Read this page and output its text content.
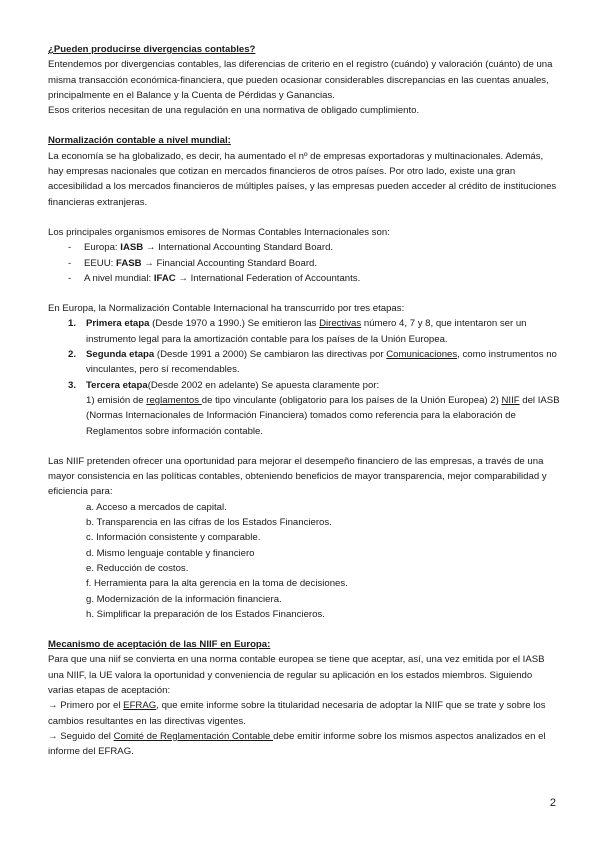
¿Pueden producirse divergencias contables?

Entendemos por divergencias contables, las diferencias de criterio en el registro (cuándo) y valoración (cuánto) de una misma transacción económica-financiera, que pueden ocasionar considerables discrepancias en las cuentas anuales, principalmente en el Balance y la Cuenta de Pérdidas y Ganancias.

Esos criterios necesitan de una regulación en una normativa de obligado cumplimiento.

Normalización contable a nivel mundial:

La economía se ha globalizado, es decir, ha aumentado el nº de empresas exportadoras y multinacionales. Además, hay empresas nacionales que cotizan en mercados financieros de otros países. Por otro lado, existe una gran accesibilidad a los mercados financieros de múltiples países, y las empresas pueden acceder al crédito de instituciones financieras extranjeras.

Los principales organismos emisores de Normas Contables Internacionales son:

- Europa: IASB → International Accounting Standard Board.
- EEUU: FASB → Financial Accounting Standard Board.
- A nivel mundial: IFAC → International Federation of Accountants.

En Europa, la Normalización Contable Internacional ha transcurrido por tres etapas:

1. Primera etapa (Desde 1970 a 1990.) Se emitieron las Directivas número 4, 7 y 8, que intentaron ser un instrumento legal para la amortización contable para los países de la Unión Europea.
2. Segunda etapa (Desde 1991 a 2000) Se cambiaron las directivas por Comunicaciones, como instrumentos no vinculantes, pero sí recomendables.
3. Tercera etapa(Desde 2002 en adelante) Se apuesta claramente por:
1) emisión de reglamentos de tipo vinculante (obligatorio para los países de la Unión Europea) 2) NIIF del IASB (Normas Internacionales de Información Financiera) tomados como referencia para la elaboración de Reglamentos sobre información contable.

Las NIIF pretenden ofrecer una oportunidad para mejorar el desempeño financiero de las empresas, a través de una mayor consistencia en las políticas contables, obteniendo beneficios de mayor transparencia, mejor comparabilidad y eficiencia para:

a. Acceso a mercados de capital.
b. Transparencia en las cifras de los Estados Financieros.
c. Información consistente y comparable.
d. Mismo lenguaje contable y financiero
e. Reducción de costos.
f. Herramienta para la alta gerencia en la toma de decisiones.
g. Modernización de la información financiera.
h. Simplificar la preparación de los Estados Financieros.

Mecanismo de aceptación de las NIIF en Europa:

Para que una niif se convierta en una norma contable europea se tiene que aceptar, así, una vez emitida por el IASB una NIIF, la UE valora la oportunidad y conveniencia de regular su aplicación en los estados miembros. Siguiendo varias etapas de aceptación:

→ Primero por el EFRAG, que emite informe sobre la titularidad necesaria de adoptar la NIIF que se trate y sobre los cambios resultantes en las directivas vigentes.

→ Seguido del Comité de Reglamentación Contable debe emitir informe sobre los mismos aspectos analizados en el informe del EFRAG.

2
